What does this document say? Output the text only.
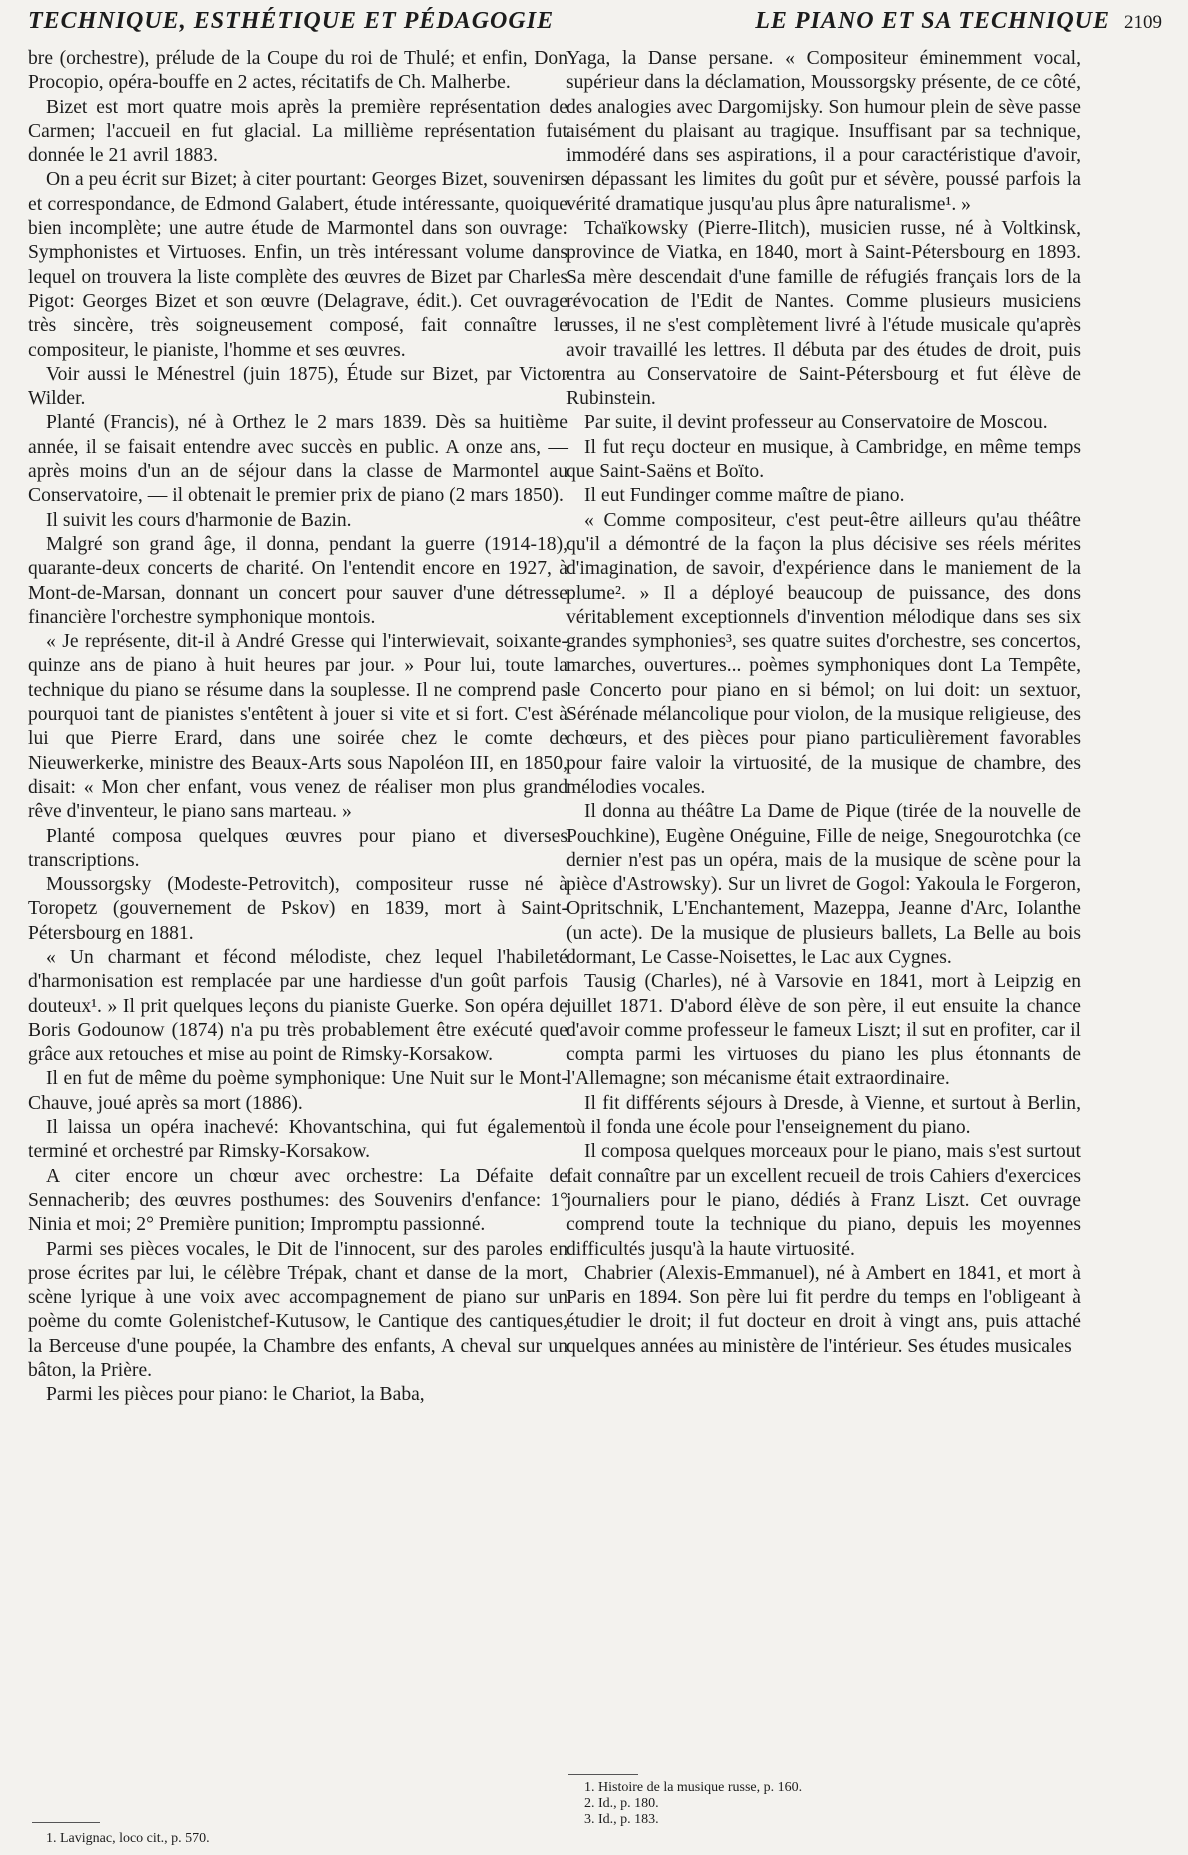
TECHNIQUE, ESTHÉTIQUE ET PÉDAGOGIE	LE PIANO ET SA TECHNIQUE 2109

bre (orchestre), prélude de la Coupe du roi de Thulé; et enfin, Don Procopio, opéra-bouffe en 2 actes, récitatifs de Ch. Malherbe.

Bizet est mort quatre mois après la première représentation de Carmen; l'accueil en fut glacial. La millième représentation fut donnée le 21 avril 1883.

On a peu écrit sur Bizet; à citer pourtant: Georges Bizet, souvenirs et correspondance, de Edmond Galabert, étude intéressante, quoique bien incomplète; une autre étude de Marmontel dans son ouvrage: Symphonistes et Virtuoses. Enfin, un très intéressant volume dans lequel on trouvera la liste complète des œuvres de Bizet par Charles Pigot: Georges Bizet et son œuvre (Delagrave, édit.). Cet ouvrage très sincère, très soigneusement composé, fait connaître le compositeur, le pianiste, l'homme et ses œuvres.

Voir aussi le Ménestrel (juin 1875), Étude sur Bizet, par Victor Wilder.

Planté (Francis), né à Orthez le 2 mars 1839. Dès sa huitième année, il se faisait entendre avec succès en public. A onze ans, — après moins d'un an de séjour dans la classe de Marmontel au Conservatoire, — il obtenait le premier prix de piano (2 mars 1850).

Il suivit les cours d'harmonie de Bazin.

Malgré son grand âge, il donna, pendant la guerre (1914-18), quarante-deux concerts de charité. On l'entendit encore en 1927, à Mont-de-Marsan, donnant un concert pour sauver d'une détresse financière l'orchestre symphonique montois.

« Je représente, dit-il à André Gresse qui l'interwievait, soixante-quinze ans de piano à huit heures par jour. » Pour lui, toute la technique du piano se résume dans la souplesse. Il ne comprend pas pourquoi tant de pianistes s'entêtent à jouer si vite et si fort. C'est à lui que Pierre Erard, dans une soirée chez le comte de Nieuwerkerke, ministre des Beaux-Arts sous Napoléon III, en 1850, disait: « Mon cher enfant, vous venez de réaliser mon plus grand rêve d'inventeur, le piano sans marteau. »

Planté composa quelques œuvres pour piano et diverses transcriptions.

Moussorgsky (Modeste-Petrovitch), compositeur russe né à Toropetz (gouvernement de Pskov) en 1839, mort à Saint-Pétersbourg en 1881.

« Un charmant et fécond mélodiste, chez lequel l'habileté d'harmonisation est remplacée par une hardiesse d'un goût parfois douteux¹. » Il prit quelques leçons du pianiste Guerke. Son opéra de Boris Godounow (1874) n'a pu très probablement être exécuté que grâce aux retouches et mise au point de Rimsky-Korsakow.

Il en fut de même du poème symphonique: Une Nuit sur le Mont-Chauve, joué après sa mort (1886).

Il laissa un opéra inachevé: Khovantschina, qui fut également terminé et orchestré par Rimsky-Korsakow.

A citer encore un chœur avec orchestre: La Défaite de Sennacherib; des œuvres posthumes: des Souvenirs d'enfance: 1° Ninia et moi; 2° Première punition; Impromptu passionné.

Parmi ses pièces vocales, le Dit de l'innocent, sur des paroles en prose écrites par lui, le célèbre Trépak, chant et danse de la mort, scène lyrique à une voix avec accompagnement de piano sur un poème du comte Golenistchef-Kutusow, le Cantique des cantiques, la Berceuse d'une poupée, la Chambre des enfants, A cheval sur un bâton, la Prière.

Parmi les pièces pour piano: le Chariot, la Baba,

Yaga, la Danse persane. « Compositeur éminemment vocal, supérieur dans la déclamation, Moussorgsky présente, de ce côté, des analogies avec Dargomijsky. Son humour plein de sève passe aisément du plaisant au tragique. Insuffisant par sa technique, immodéré dans ses aspirations, il a pour caractéristique d'avoir, en dépassant les limites du goût pur et sévère, poussé parfois la vérité dramatique jusqu'au plus âpre naturalisme¹. »

Tchaïkowsky (Pierre-Ilitch), musicien russe, né à Voltkinsk, province de Viatka, en 1840, mort à Saint-Pétersbourg en 1893. Sa mère descendait d'une famille de réfugiés français lors de la révocation de l'Edit de Nantes. Comme plusieurs musiciens russes, il ne s'est complètement livré à l'étude musicale qu'après avoir travaillé les lettres. Il débuta par des études de droit, puis entra au Conservatoire de Saint-Pétersbourg et fut élève de Rubinstein.

Par suite, il devint professeur au Conservatoire de Moscou.

Il fut reçu docteur en musique, à Cambridge, en même temps que Saint-Saëns et Boïto.

Il eut Fundinger comme maître de piano.

« Comme compositeur, c'est peut-être ailleurs qu'au théâtre qu'il a démontré de la façon la plus décisive ses réels mérites d'imagination, de savoir, d'expérience dans le maniement de la plume². » Il a déployé beaucoup de puissance, des dons véritablement exceptionnels d'invention mélodique dans ses six grandes symphonies³, ses quatre suites d'orchestre, ses concertos, marches, ouvertures... poèmes symphoniques dont La Tempête, le Concerto pour piano en si bémol; on lui doit: un sextuor, Sérénade mélancolique pour violon, de la musique religieuse, des chœurs, et des pièces pour piano particulièrement favorables pour faire valoir la virtuosité, de la musique de chambre, des mélodies vocales.

Il donna au théâtre La Dame de Pique (tirée de la nouvelle de Pouchkine), Eugène Onéguine, Fille de neige, Snegourotchka (ce dernier n'est pas un opéra, mais de la musique de scène pour la pièce d'Astrowsky). Sur un livret de Gogol: Yakoula le Forgeron, Opritschnik, L'Enchantement, Mazeppa, Jeanne d'Arc, Iolanthe (un acte). De la musique de plusieurs ballets, La Belle au bois dormant, Le Casse-Noisettes, le Lac aux Cygnes.

Tausig (Charles), né à Varsovie en 1841, mort à Leipzig en juillet 1871. D'abord élève de son père, il eut ensuite la chance d'avoir comme professeur le fameux Liszt; il sut en profiter, car il compta parmi les virtuoses du piano les plus étonnants de l'Allemagne; son mécanisme était extraordinaire.

Il fit différents séjours à Dresde, à Vienne, et surtout à Berlin, où il fonda une école pour l'enseignement du piano.

Il composa quelques morceaux pour le piano, mais s'est surtout fait connaître par un excellent recueil de trois Cahiers d'exercices journaliers pour le piano, dédiés à Franz Liszt. Cet ouvrage comprend toute la technique du piano, depuis les moyennes difficultés jusqu'à la haute virtuosité.

Chabrier (Alexis-Emmanuel), né à Ambert en 1841, et mort à Paris en 1894. Son père lui fit perdre du temps en l'obligeant à étudier le droit; il fut docteur en droit à vingt ans, puis attaché quelques années au ministère de l'intérieur. Ses études musicales

1. Lavignac, loco cit., p. 570.
1. Histoire de la musique russe, p. 160.
2. Id., p. 180.
3. Id., p. 183.
